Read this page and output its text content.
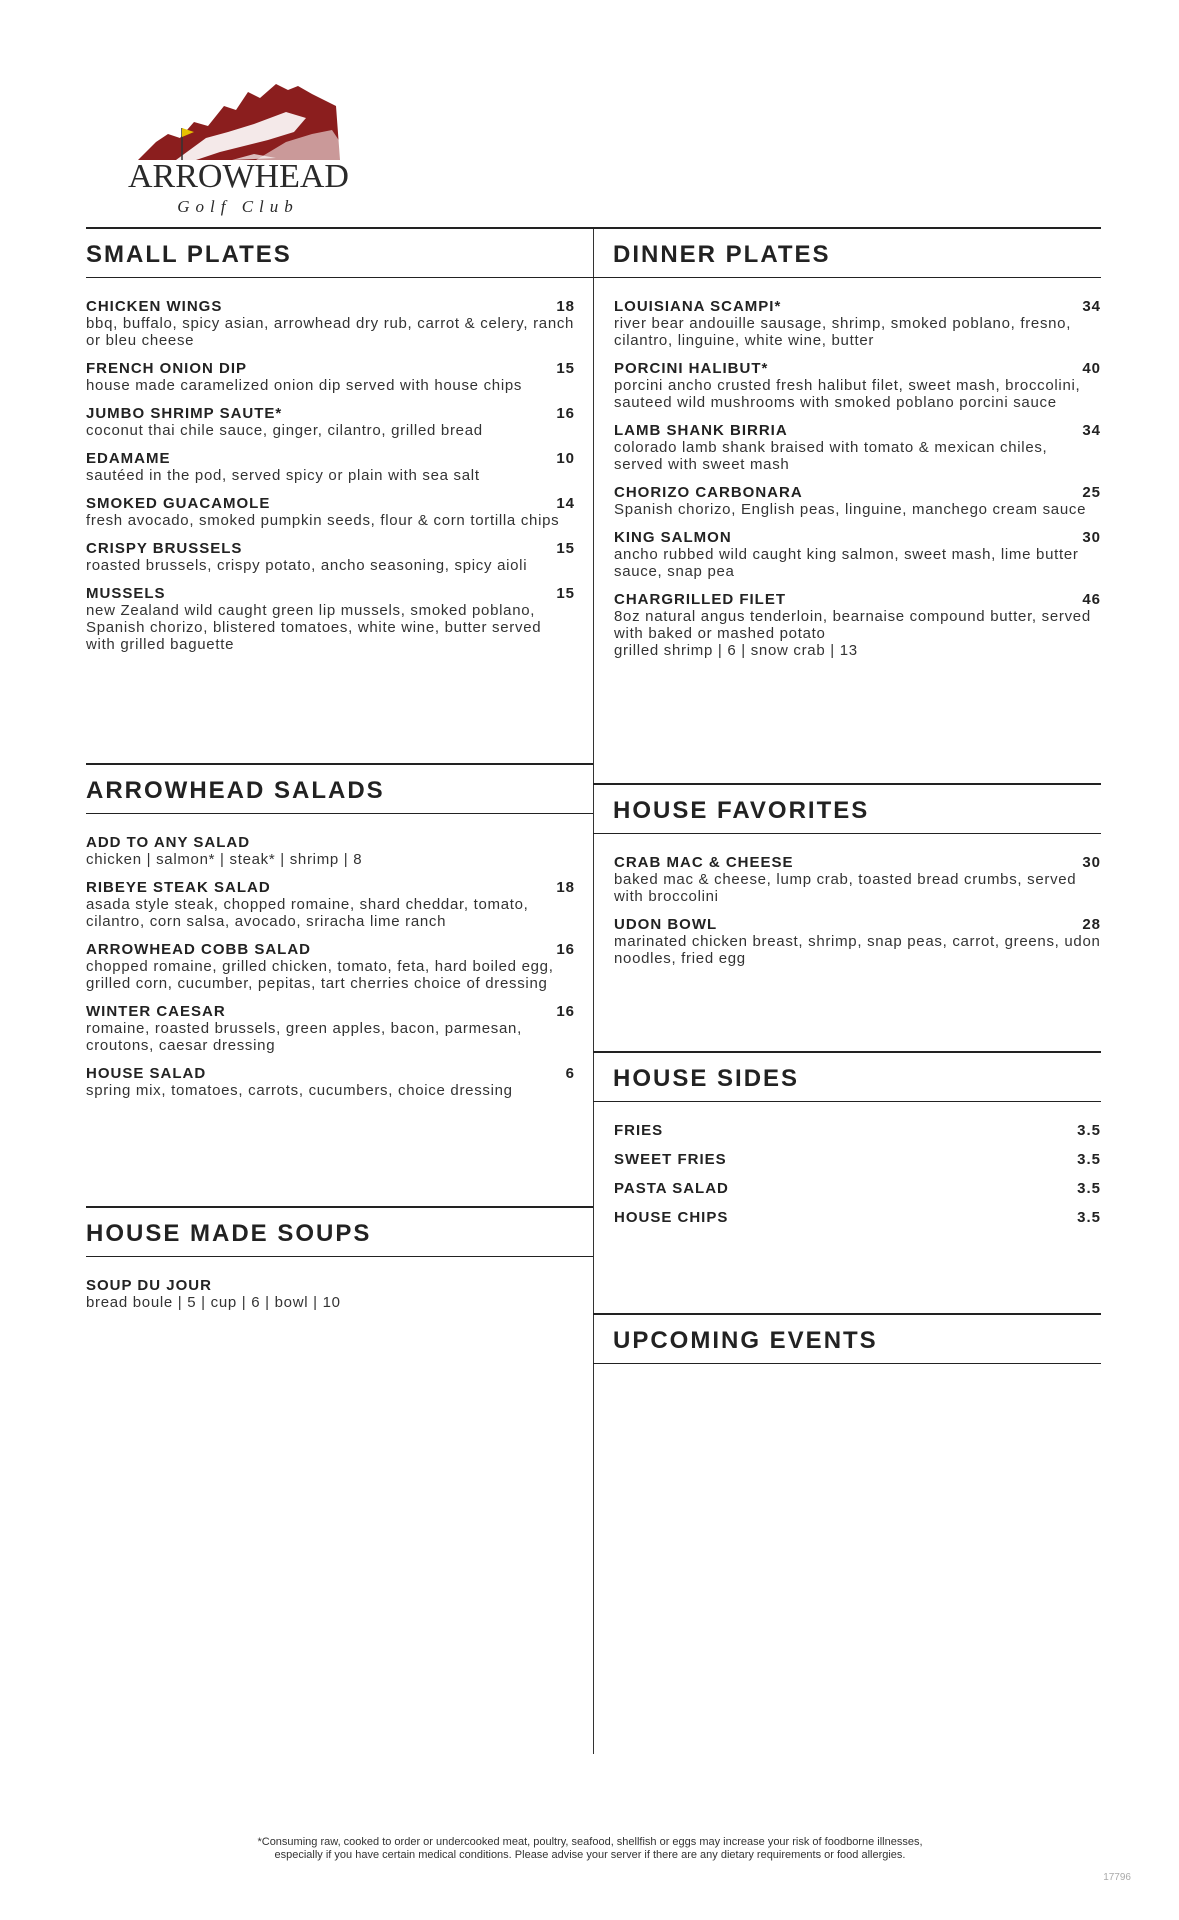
ARROWHEAD
Golf Club
SMALL PLATES
CHICKEN WINGS	18
bbq, buffalo, spicy asian, arrowhead dry rub, carrot & celery, ranch or bleu cheese
FRENCH ONION DIP	15
house made caramelized onion dip served with house chips
JUMBO SHRIMP SAUTE*	16
coconut thai chile sauce, ginger, cilantro, grilled bread
EDAMAME	10
sautéed in the pod, served spicy or plain with sea salt
SMOKED GUACAMOLE	14
fresh avocado, smoked pumpkin seeds, flour & corn tortilla chips
CRISPY BRUSSELS	15
roasted brussels, crispy potato, ancho seasoning, spicy aioli
MUSSELS	15
new Zealand wild caught green lip mussels, smoked poblano, Spanish chorizo, blistered tomatoes, white wine, butter served with grilled baguette
DINNER PLATES
LOUISIANA SCAMPI*	34
river bear andouille sausage, shrimp, smoked poblano, fresno, cilantro, linguine, white wine, butter
PORCINI HALIBUT*	40
porcini ancho crusted fresh halibut filet, sweet mash, broccolini, sauteed wild mushrooms with smoked poblano porcini sauce
LAMB SHANK BIRRIA	34
colorado lamb shank braised with tomato & mexican chiles, served with sweet mash
CHORIZO CARBONARA	25
Spanish chorizo, English peas, linguine, manchego cream sauce
KING SALMON	30
ancho rubbed wild caught king salmon, sweet mash, lime butter sauce, snap pea
CHARGRILLED FILET	46
8oz natural angus tenderloin, bearnaise compound butter, served with baked or mashed potato
grilled shrimp | 6 | snow crab | 13
ARROWHEAD SALADS
ADD TO ANY SALAD
chicken | salmon* | steak* | shrimp | 8
RIBEYE STEAK SALAD	18
asada style steak, chopped romaine, shard cheddar, tomato, cilantro, corn salsa, avocado, sriracha lime ranch
ARROWHEAD COBB SALAD	16
chopped romaine, grilled chicken, tomato, feta, hard boiled egg, grilled corn, cucumber, pepitas, tart cherries choice of dressing
WINTER CAESAR	16
romaine, roasted brussels, green apples, bacon, parmesan, croutons, caesar dressing
HOUSE SALAD	6
spring mix, tomatoes, carrots, cucumbers, choice dressing
HOUSE FAVORITES
CRAB MAC & CHEESE	30
baked mac & cheese, lump crab, toasted bread crumbs, served with broccolini
UDON BOWL	28
marinated chicken breast, shrimp, snap peas, carrot, greens, udon noodles, fried egg
HOUSE SIDES
FRIES	3.5
SWEET FRIES	3.5
PASTA SALAD	3.5
HOUSE CHIPS	3.5
HOUSE MADE SOUPS
SOUP DU JOUR
bread boule | 5 | cup | 6 | bowl | 10
UPCOMING EVENTS
*Consuming raw, cooked to order or undercooked meat, poultry, seafood, shellfish or eggs may increase your risk of foodborne illnesses,
especially if you have certain medical conditions. Please advise your server if there are any dietary requirements or food allergies.
17796
